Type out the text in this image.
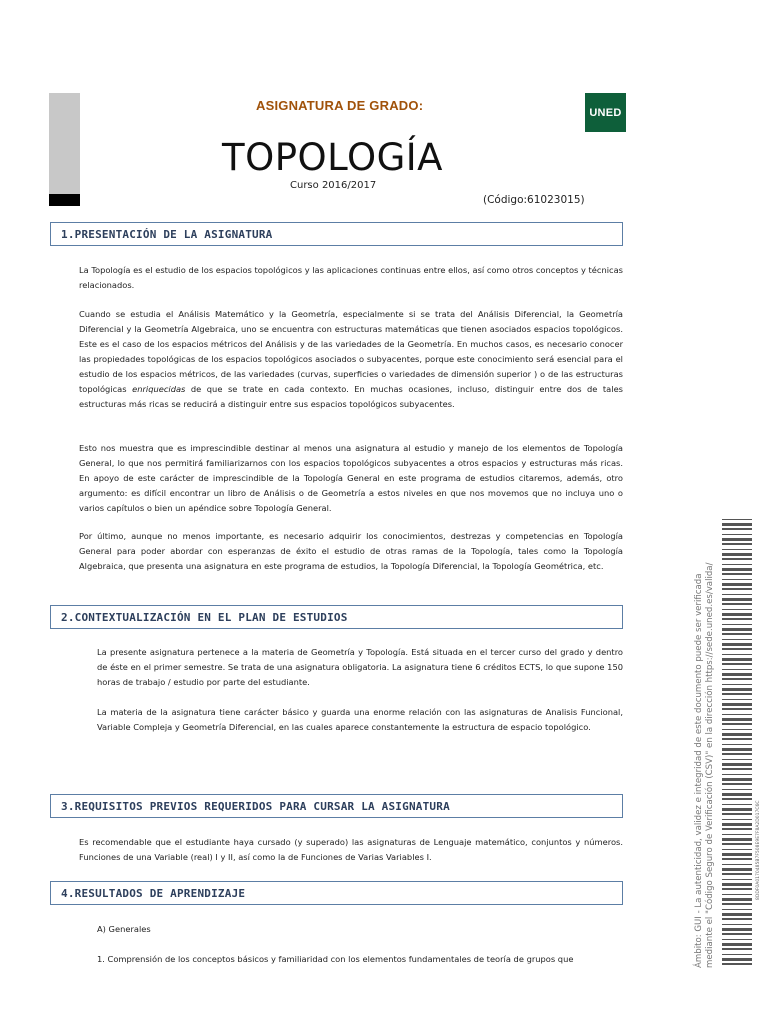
ASIGNATURA DE GRADO:	UNED
TOPOLOGÍA
Curso 2016/2017
(Código:61023015)
1.PRESENTACIÓN DE LA ASIGNATURA

La Topología es el estudio de los espacios topológicos y las aplicaciones continuas entre ellos, así como otros conceptos y técnicas relacionados.

Cuando se estudia el Análisis Matemático y la Geometría, especialmente si se trata del Análisis Diferencial, la Geometría Diferencial y la Geometría Algebraica, uno se encuentra con estructuras matemáticas que tienen asociados espacios topológicos. Este es el caso de los espacios métricos del Análisis y de las variedades de la Geometría. En muchos casos, es necesario conocer las propiedades topológicas de los espacios topológicos asociados o subyacentes, porque este conocimiento será esencial para el estudio de los espacios métricos, de las variedades (curvas, superficies o variedades de dimensión superior ) o de las estructuras topológicas enriquecidas de que se trate en cada contexto. En muchas ocasiones, incluso, distinguir entre dos de tales estructuras más ricas se reducirá a distinguir entre sus espacios topológicos subyacentes.

Esto nos muestra que es imprescindible destinar al menos una asignatura al estudio y manejo de los elementos de Topología General, lo que nos permitirá familiarizarnos con los espacios topológicos subyacentes a otros espacios y estructuras más ricas. En apoyo de este carácter de imprescindible de la Topología General en este programa de estudios citaremos, además, otro argumento: es difícil encontrar un libro de Análisis o de Geometría a estos niveles en que nos movemos que no incluya uno o varios capítulos o bien un apéndice sobre Topología General.

Por último, aunque no menos importante, es necesario adquirir los conocimientos, destrezas y competencias en Topología General para poder abordar con esperanzas de éxito el estudio de otras ramas de la Topología, tales como la Topología Algebraica, que presenta una asignatura en este programa de estudios, la Topología Diferencial, la Topología Geométrica, etc.

2.CONTEXTUALIZACIÓN EN EL PLAN DE ESTUDIOS

La presente asignatura pertenece a la materia de Geometría y Topología. Está situada en el tercer curso del grado y dentro de éste en el primer semestre. Se trata de una asignatura obligatoria. La asignatura tiene 6 créditos ECTS, lo que supone 150 horas de trabajo / estudio por parte del estudiante.

La materia de la asignatura tiene carácter básico y guarda una enorme relación con las asignaturas de Analisis Funcional, Variable Compleja y Geometría Diferencial, en las cuales aparece constantemente la estructura de espacio topológico.

3.REQUISITOS PREVIOS REQUERIDOS PARA CURSAR LA ASIGNATURA

Es recomendable que el estudiante haya cursado (y superado) las asignaturas de Lenguaje matemático, conjuntos y números. Funciones de una Variable (real) I y II, así como la de Funciones de Varias Variables I.

4.RESULTADOS DE APRENDIZAJE

A) Generales

1. Comprensión de los conceptos básicos y familiaridad con los elementos fundamentales de teoría de grupos que	Ámbito: GUI - La autenticidad, validez e integridad de este documento puede ser verificada mediante el "Código Seguro de Verificación (CSV)" en la dirección https://sede.uned.es/valida/	8DDF0A0170485B7F508E9E7F8A2D017C6C
